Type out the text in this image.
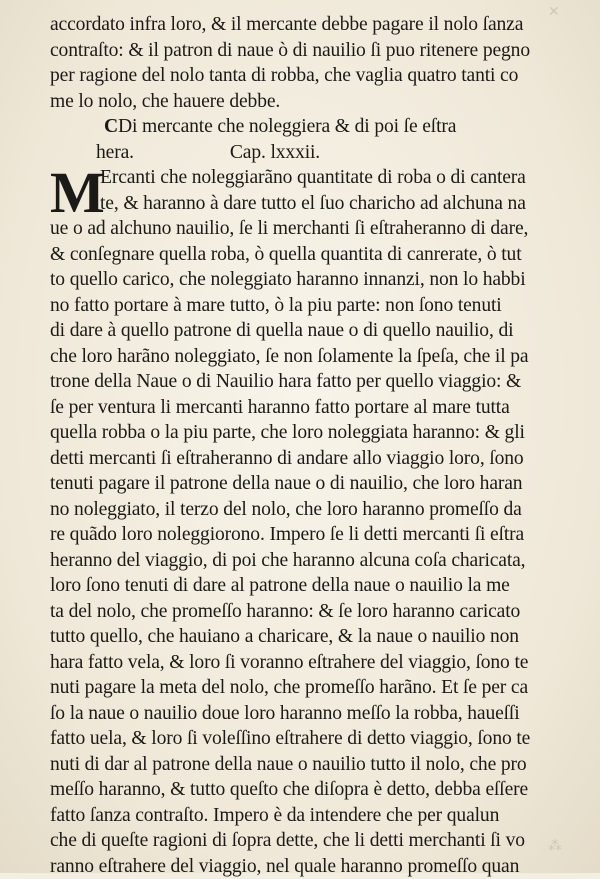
✕
⁂
accordato infra loro, & il mercante debbe pagare il nolo ſanza
contraſto: & il patron di naue ò di nauilio ſi puo ritenere pegno
per ragione del nolo tanta di robba, che vaglia quatro tanti co
me lo nolo, che hauere debbe.
CDi mercante che noleggiera & di poi ſe eſtra
hera.	Cap. lxxxii.
M
Ercanti che noleggiarãno quantitate di roba o di cantera
te, & haranno à dare tutto el ſuo charicho ad alchuna na
ue o ad alchuno nauilio, ſe li merchanti ſi eſtraheranno di dare,
& conſegnare quella roba, ò quella quantita di canrerate, ò tut
to quello carico, che noleggiato haranno innanzi, non lo habbi
no fatto portare à mare tutto, ò la piu parte: non ſono tenuti
di dare à quello patrone di quella naue o di quello nauilio, di
che loro harãno noleggiato, ſe non ſolamente la ſpeſa, che il pa
trone della Naue o di Nauilio hara fatto per quello viaggio: &
ſe per ventura li mercanti haranno fatto portare al mare tutta
quella robba o la piu parte, che loro noleggiata haranno: & gli
detti mercanti ſi eſtraheranno di andare allo viaggio loro, ſono
tenuti pagare il patrone della naue o di nauilio, che loro haran
no noleggiato, il terzo del nolo, che loro haranno promeſſo da
re quãdo loro noleggiorono. Impero ſe li detti mercanti ſi eſtra
heranno del viaggio, di poi che haranno alcuna coſa charicata,
loro ſono tenuti di dare al patrone della naue o nauilio la me
ta del nolo, che promeſſo haranno: & ſe loro haranno caricato
tutto quello, che hauiano a charicare, & la naue o nauilio non
hara fatto vela, & loro ſi voranno eſtrahere del viaggio, ſono te
nuti pagare la meta del nolo, che promeſſo harãno. Et ſe per ca
ſo la naue o nauilio doue loro haranno meſſo la robba, haueſſi
fatto uela, & loro ſi voleſſino eſtrahere di detto viaggio, ſono te
nuti di dar al patrone della naue o nauilio tutto il nolo, che pro
meſſo haranno, & tutto queſto che diſopra è detto, debba eſſere
fatto ſanza contraſto. Impero è da intendere che per qualun
che di queſte ragioni di ſopra dette, che li detti merchanti ſi vo
ranno eſtrahere del viaggio, nel quale haranno promeſſo quan
